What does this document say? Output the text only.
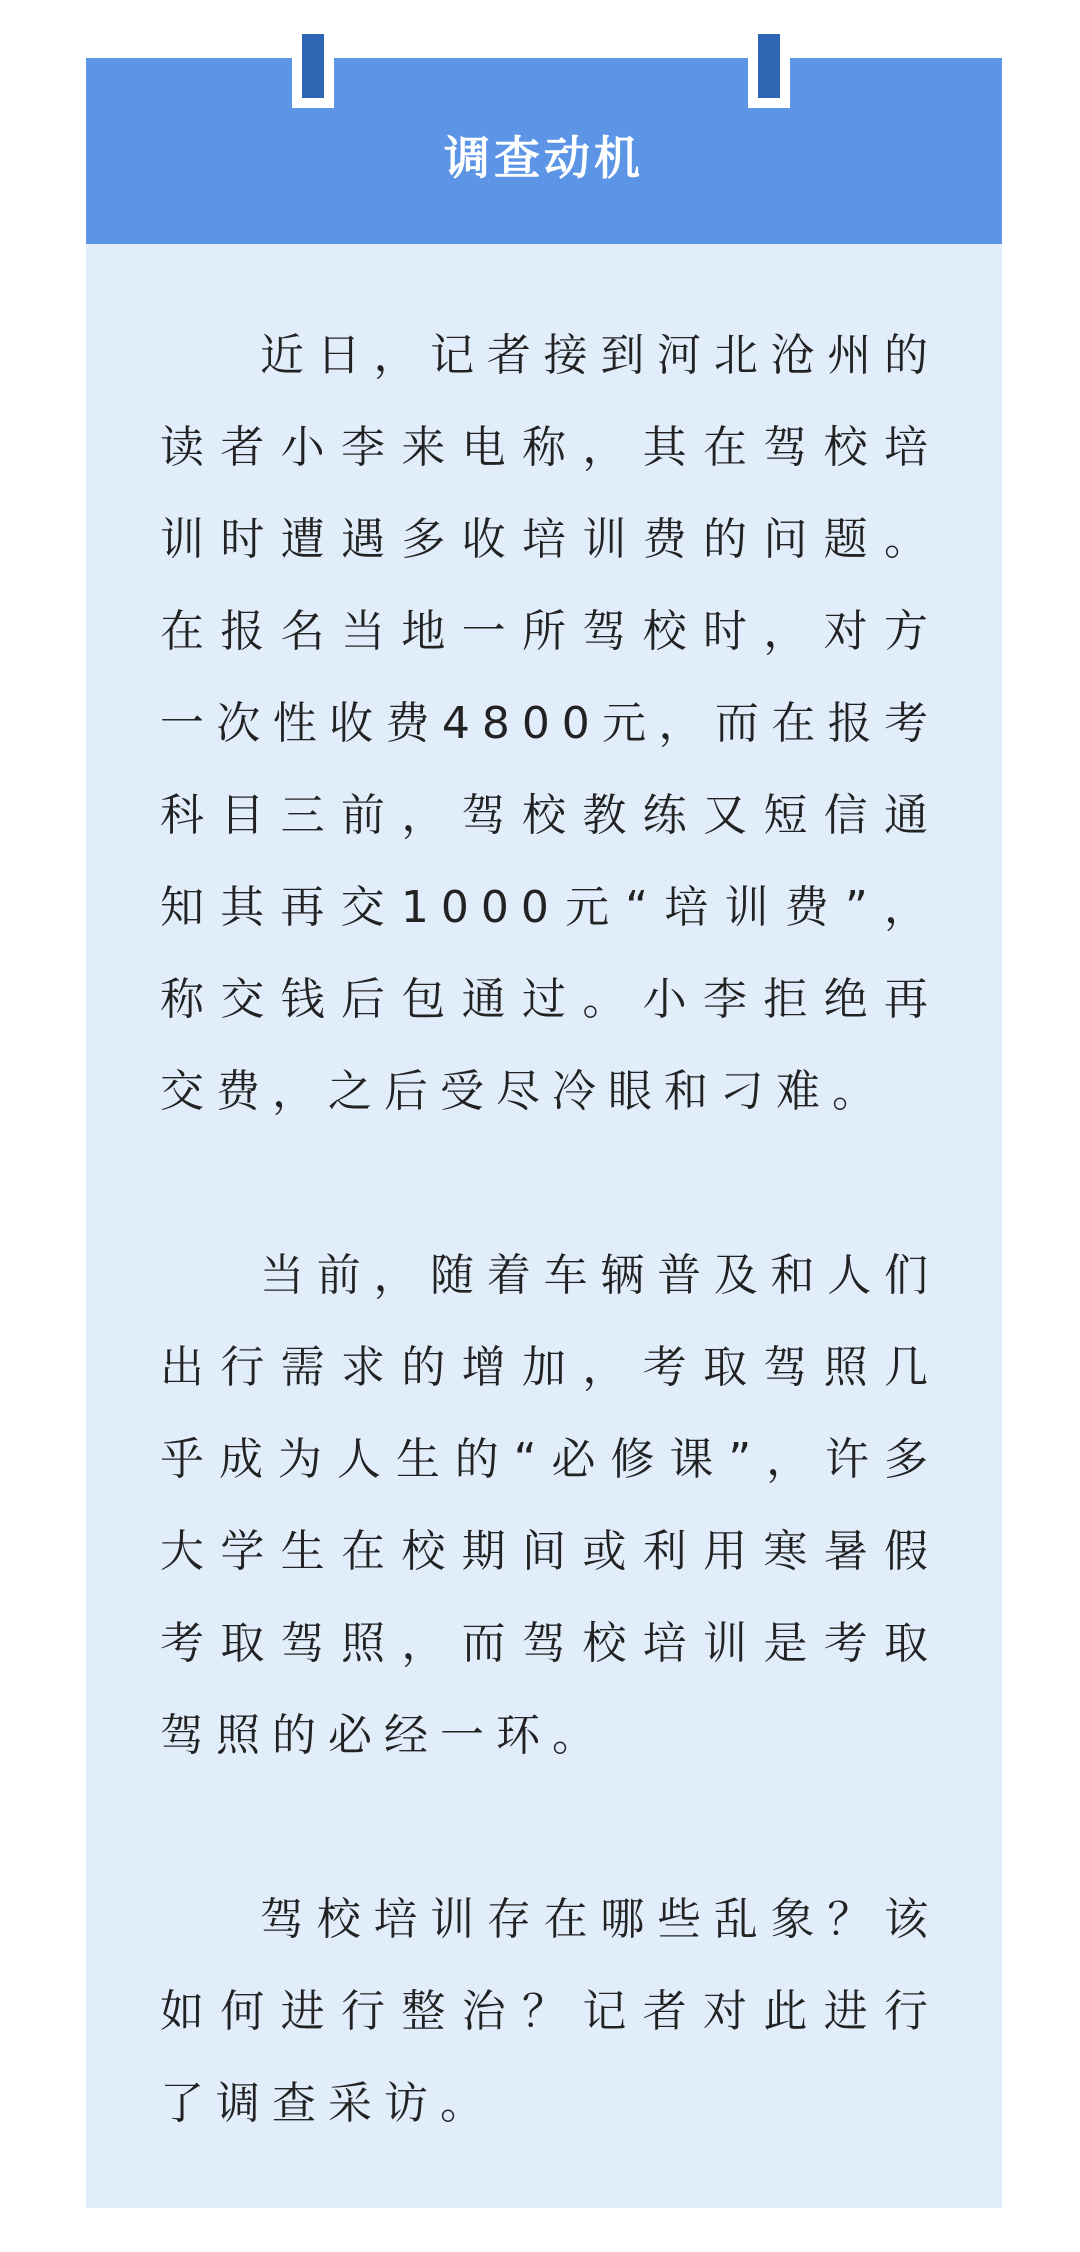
调查动机

近日，记者接到河北沧州的读者小李来电称，其在驾校培训时遭遇多收培训费的问题。在报名当地一所驾校时，对方一次性收费4800元，而在报考科目三前，驾校教练又短信通知其再交1000元“培训费”，称交钱后包通过。小李拒绝再交费，之后受尽冷眼和刁难。

当前，随着车辆普及和人们出行需求的增加，考取驾照几乎成为人生的“必修课”，许多大学生在校期间或利用寒暑假考取驾照，而驾校培训是考取驾照的必经一环。

驾校培训存在哪些乱象？该如何进行整治？记者对此进行了调查采访。
